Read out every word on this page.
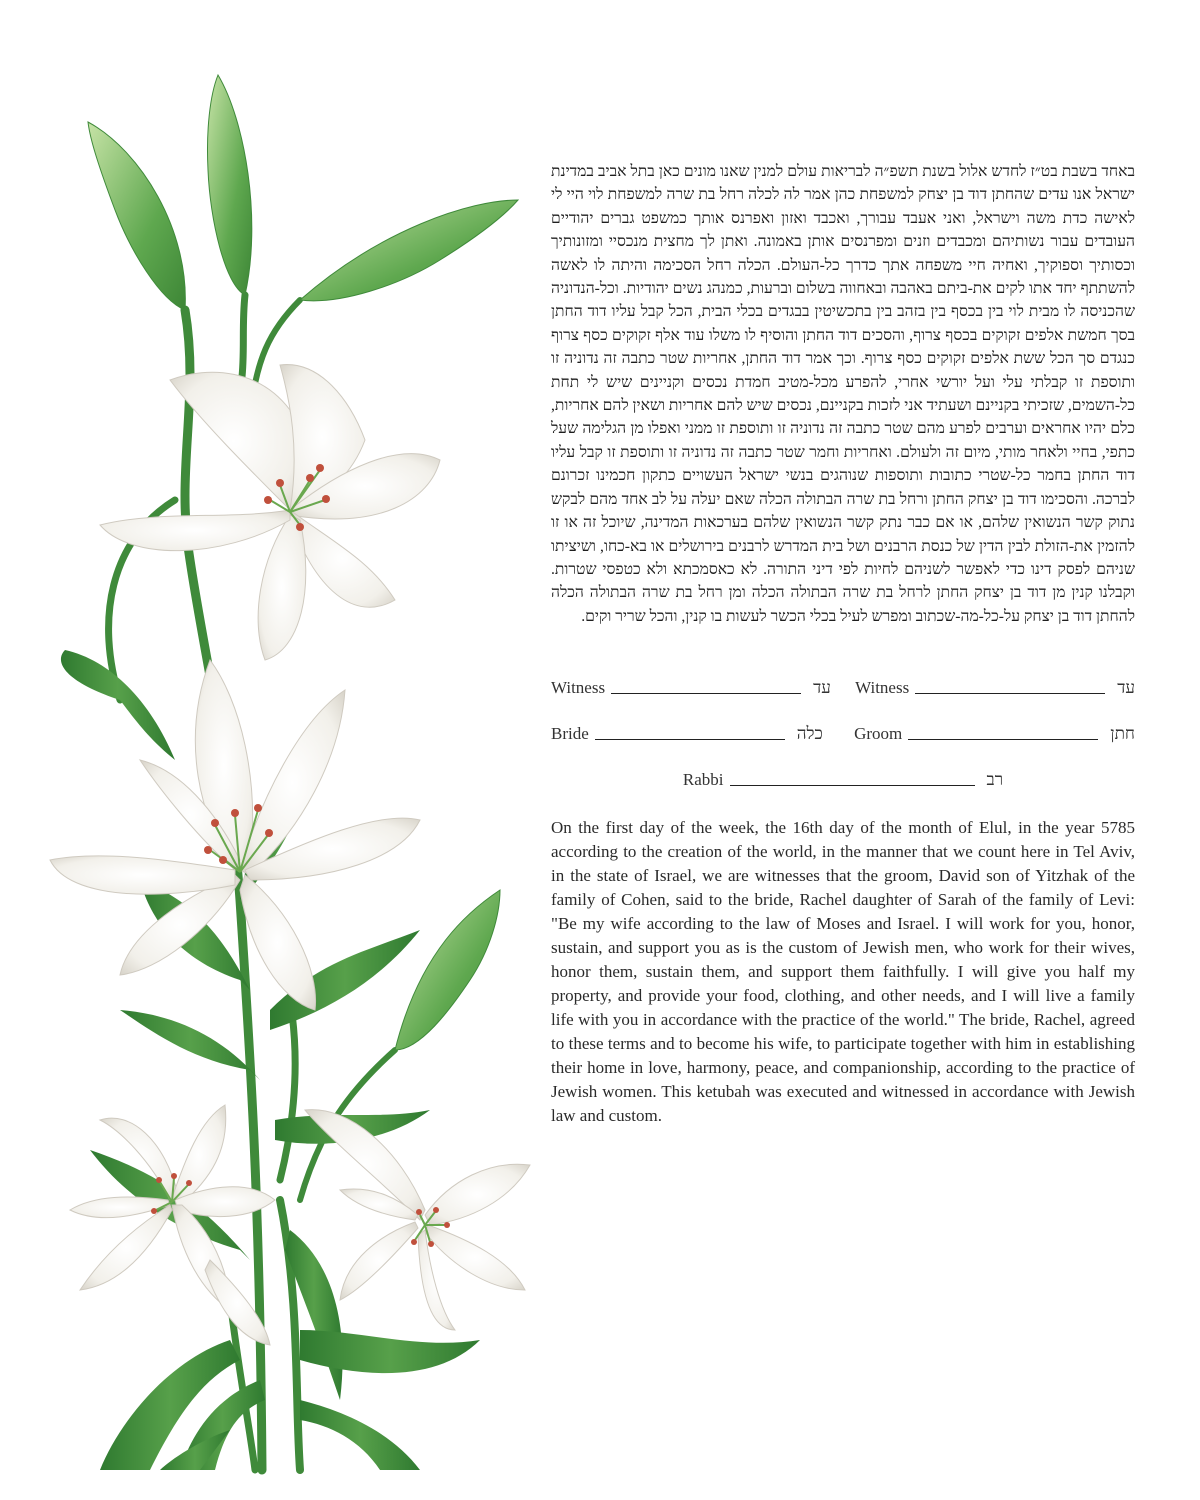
באחד בשבת בט״ז לחדש אלול בשנת תשפ״ה לבריאות עולם למנין שאנו מונים כאן בתל אביב במדינת ישראל אנו עדים שהחתן דוד בן יצחק למשפחת כהן אמר לה לכלה רחל בת שרה למשפחת לוי היי לי לאישה כדת משה וישראל, ואני אעבד עבורך, ואכבד ואזון ואפרנס אותך כמשפט גברים יהודיים העובדים עבור נשותיהם ומכבדים וזנים ומפרנסים אותן באמונה. ואתן לך מחצית מנכסיי ומזונותיך וכסותיך וספוקיך, ואחיה חיי משפחה אתך כדרך כל-העולם. הכלה רחל הסכימה והיתה לו לאשה להשתתף יחד אתו לקים את-ביתם באהבה ובאחווה בשלום וברעות, כמנהג נשים יהודיות. וכל-הנדוניה שהכניסה לו מבית לוי בין בכסף בין בזהב בין בתכשיטין בבגדים בכלי הבית, הכל קבל עליו דוד החתן בסך חמשת אלפים זקוקים בכסף צרוף, והסכים דוד החתן והוסיף לו משלו עוד אלף זקוקים כסף צרוף כנגדם סך הכל ששת אלפים זקוקים כסף צרוף. וכך אמר דוד החתן, אחריות שטר כתבה זה נדוניה זו ותוספת זו קבלתי עלי ועל יורשי אחרי, להפרע מכל-מטיב חמדת נכסים וקניינים שיש לי תחת כל-השמים, שזכיתי בקניינם ושעתיד אני לזכות בקניינם, נכסים שיש להם אחריות ושאין להם אחריות, כלם יהיו אחראים וערבים לפרע מהם שטר כתבה זה נדוניה זו ותוספת זו ממני ואפלו מן הגלימה שעל כתפי, בחיי ולאחר מותי, מיום זה ולעולם. ואחריות וחמר שטר כתבה זה נדוניה זו ותוספת זו קבל עליו דוד החתן בחמר כל-שטרי כתובות ותוספות שנוהגים בנשי ישראל העשויים כתקון חכמינו זכרונם לברכה. והסכימו דוד בן יצחק החתן ורחל בת שרה הבתולה הכלה שאם יעלה על לב אחד מהם לבקש נתוק קשר הנשואין שלהם, או אם כבר נתק קשר הנשואין שלהם בערכאות המדינה, שיוכל זה או זו להזמין את-הזולת לבין הדין של כנסת הרבנים ושל בית המדרש לרבנים בירושלים או בא-כחו, ושיציתו שניהם לפסק דינו כדי לאפשר לשניהם לחיות לפי דיני התורה. לא כאסמכתא ולא כטפסי שטרות. וקבלנו קנין מן דוד בן יצחק החתן לרחל בת שרה הבתולה הכלה ומן רחל בת שרה הבתולה הכלה להחתן דוד בן יצחק על-כל-מה-שכתוב ומפרש לעיל בכלי הכשר לעשות בו קנין, והכל שריר וקים.

Witness	עד Witness	עד
Bride	כלה Groom	חתן
Rabbi	רב

On the first day of the week, the 16th day of the month of Elul, in the year 5785 according to the creation of the world, in the manner that we count here in Tel Aviv, in the state of Israel, we are witnesses that the groom, David son of Yitzhak of the family of Cohen, said to the bride, Rachel daughter of Sarah of the family of Levi: "Be my wife according to the law of Moses and Israel. I will work for you, honor, sustain, and support you as is the custom of Jewish men, who work for their wives, honor them, sustain them, and support them faithfully. I will give you half my property, and provide your food, clothing, and other needs, and I will live a family life with you in accordance with the practice of the world." The bride, Rachel, agreed to these terms and to become his wife, to participate together with him in establishing their home in love, harmony, peace, and companionship, according to the practice of Jewish women. This ketubah was executed and witnessed in accordance with Jewish law and custom.
